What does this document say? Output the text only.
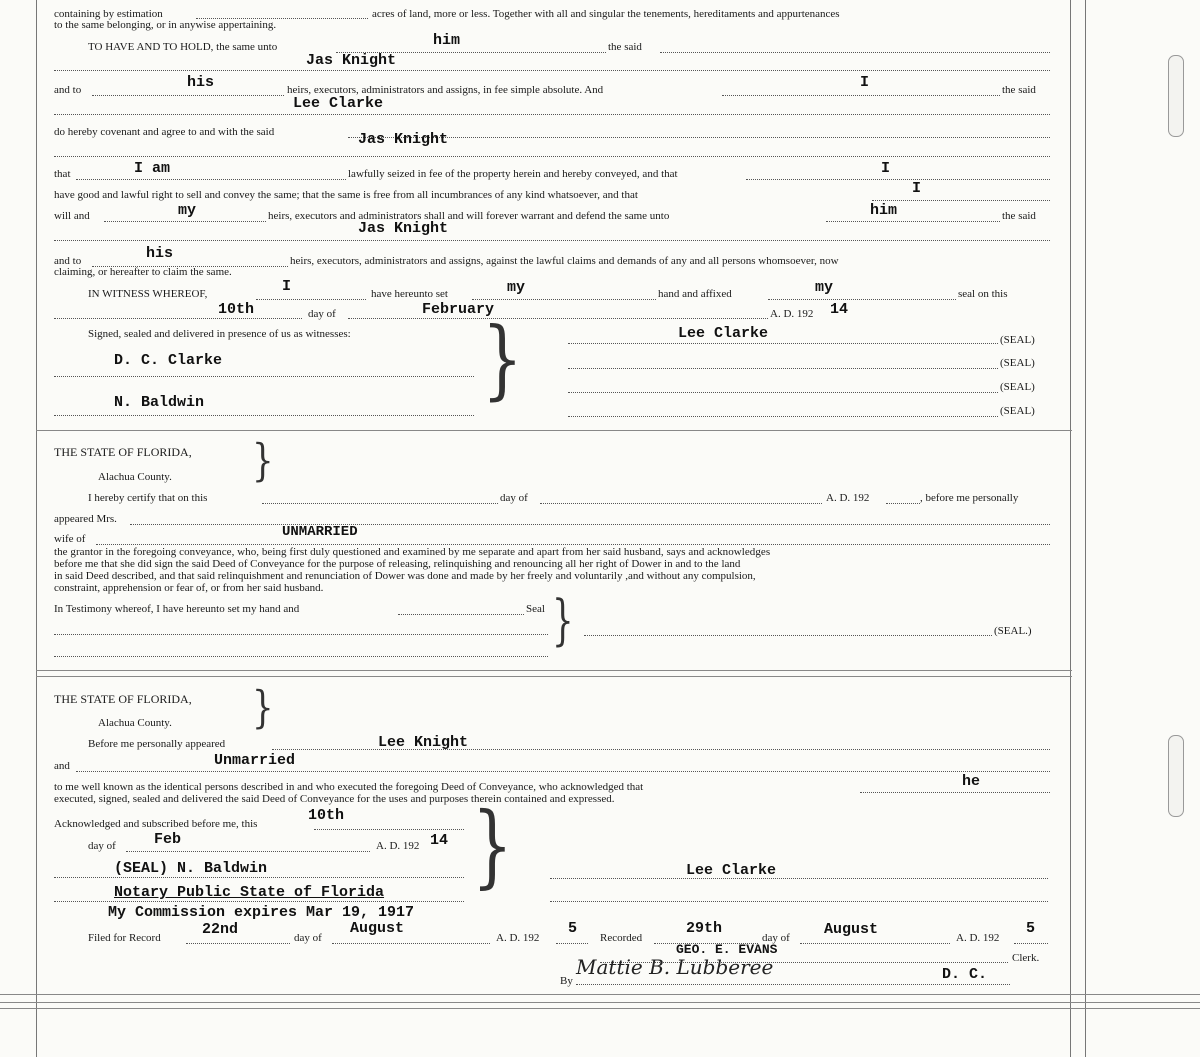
containing by estimation	acres of land, more or less. Together with all and singular the tenements, hereditaments and appurtenances
to the same belonging, or in anywise appertaining.
TO HAVE AND TO HOLD, the same unto	him	the said
Jas Knight
and to	his	heirs, executors, administrators and assigns, in fee simple absolute. And	I	the said
Lee Clarke
do hereby covenant and agree to and with the said	Jas Knight
that	I am	lawfully seized in fee of the property herein and hereby conveyed, and that	I
have good and lawful right to sell and convey the same; that the same is free from all incumbrances of any kind whatsoever, and that	I
will and	my	heirs, executors and administrators shall and will forever warrant and defend the same unto	him	the said
Jas Knight
and to	his	heirs, executors, administrators and assigns, against the lawful claims and demands of any and all persons whomsoever, now
claiming, or hereafter to claim the same.
IN WITNESS WHEREOF,	I	have hereunto set	my	hand and affixed	my	seal on this
10th	day of	February	A. D. 192 14
Signed, sealed and delivered in presence of us as witnesses: }
D. C. Clarke
N. Baldwin
Lee Clarke	(SEAL)
(SEAL)
(SEAL)
(SEAL)
THE STATE OF FLORIDA,
Alachua County. }
I hereby certify that on this	day of	A. D. 192	, before me personally
appeared Mrs.
wife of	UNMARRIED
the grantor in the foregoing conveyance, who, being first duly questioned and examined by me separate and apart from her said husband, says and acknowledges
before me that she did sign the said Deed of Conveyance for the purpose of releasing, relinquishing and renouncing all her right of Dower in and to the land
in said Deed described, and that said relinquishment and renunciation of Dower was done and made by her freely and voluntarily ,and without any compulsion,
constraint, apprehension or fear of, or from her said husband.
In Testimony whereof, I have hereunto set my hand and	Seal }	(SEAL.)
THE STATE OF FLORIDA,
Alachua County. }
Before me personally appeared	Lee Knight
and	Unmarried
to me well known as the identical persons described in and who executed the foregoing Deed of Conveyance, who acknowledged that	he
executed, signed, sealed and delivered the said Deed of Conveyance for the uses and purposes therein contained and expressed.
Acknowledged and subscribed before me, this	10th
day of	Feb	A. D. 192 14 }
(SEAL) N. Baldwin
Notary Public State of Florida
My Commission expires Mar 19, 1917
Lee Clarke
Filed for Record	22nd	day of
August
A. D. 192
5
Recorded
29th
day of August	A. D. 192
5
GEO. E. EVANS
Clerk.
By
Mattie B. Lubberee	D. C.
